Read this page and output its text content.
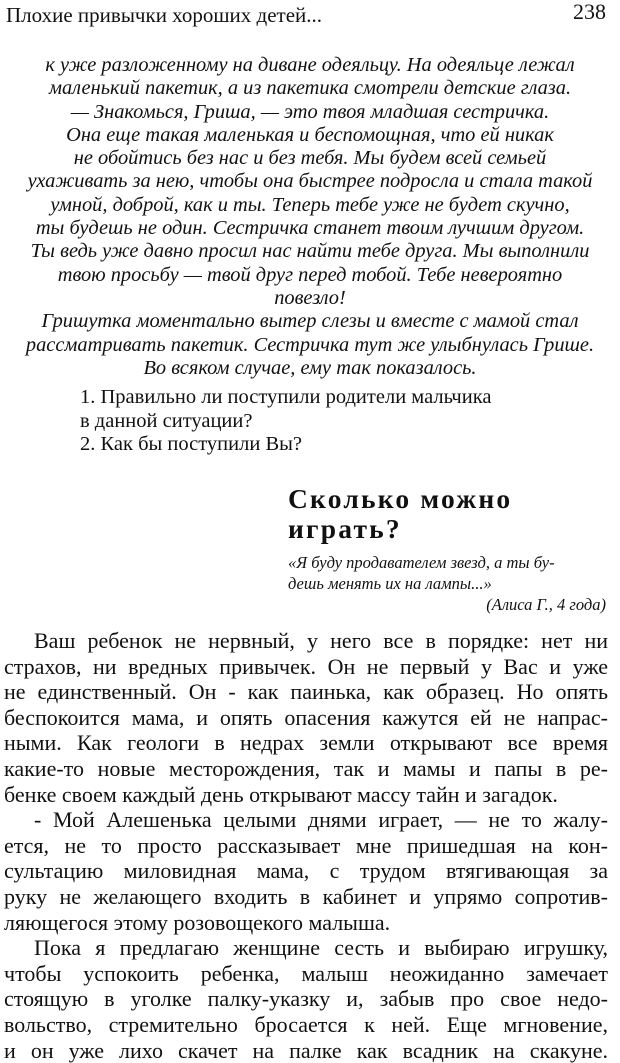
Плохие привычки хороших детей...	238
к уже разложенному на диване одеяльцу. На одеяльце лежал
маленький пакетик, а из пакетика смотрели детские глаза.
— Знакомься, Гриша, — это твоя младшая сестричка.
Она еще такая маленькая и беспомощная, что ей никак
не обойтись без нас и без тебя. Мы будем всей семьей
ухаживать за нею, чтобы она быстрее подросла и стала такой
умной, доброй, как и ты. Теперь тебе уже не будет скучно,
ты будешь не один. Сестричка станет твоим лучшим другом.
Ты ведь уже давно просил нас найти тебе друга. Мы выполнили
твою просьбу — твой друг перед тобой. Тебе невероятно
повезло!
Гришутка моментально вытер слезы и вместе с мамой стал
рассматривать пакетик. Сестричка тут же улыбнулась Грише.
Во всяком случае, ему так показалось.
1. Правильно ли поступили родители мальчика
в данной ситуации?
2. Как бы поступили Вы?
Сколько можно
играть?
«Я буду продавателем звезд, а ты бу-
дешь менять их на лампы...»
(Алиса Г., 4 года)
Ваш ребенок не нервный, у него все в порядке: нет ни
страхов, ни вредных привычек. Он не первый у Вас и уже
не единственный. Он - как паинька, как образец. Но опять
беспокоится мама, и опять опасения кажутся ей не напрас-
ными. Как геологи в недрах земли открывают все время
какие-то новые месторождения, так и мамы и папы в ре-
бенке своем каждый день открывают массу тайн и загадок.
- Мой Алешенька целыми днями играет, — не то жалу-
ется, не то просто рассказывает мне пришедшая на кон-
сультацию миловидная мама, с трудом втягивающая за
руку не желающего входить в кабинет и упрямо сопротив-
ляющегося этому розовощекого малыша.
Пока я предлагаю женщине сесть и выбираю игрушку,
чтобы успокоить ребенка, малыш неожиданно замечает
стоящую в уголке палку-указку и, забыв про свое недо-
вольство, стремительно бросается к ней. Еще мгновение,
и он уже лихо скачет на палке как всадник на скакуне.
